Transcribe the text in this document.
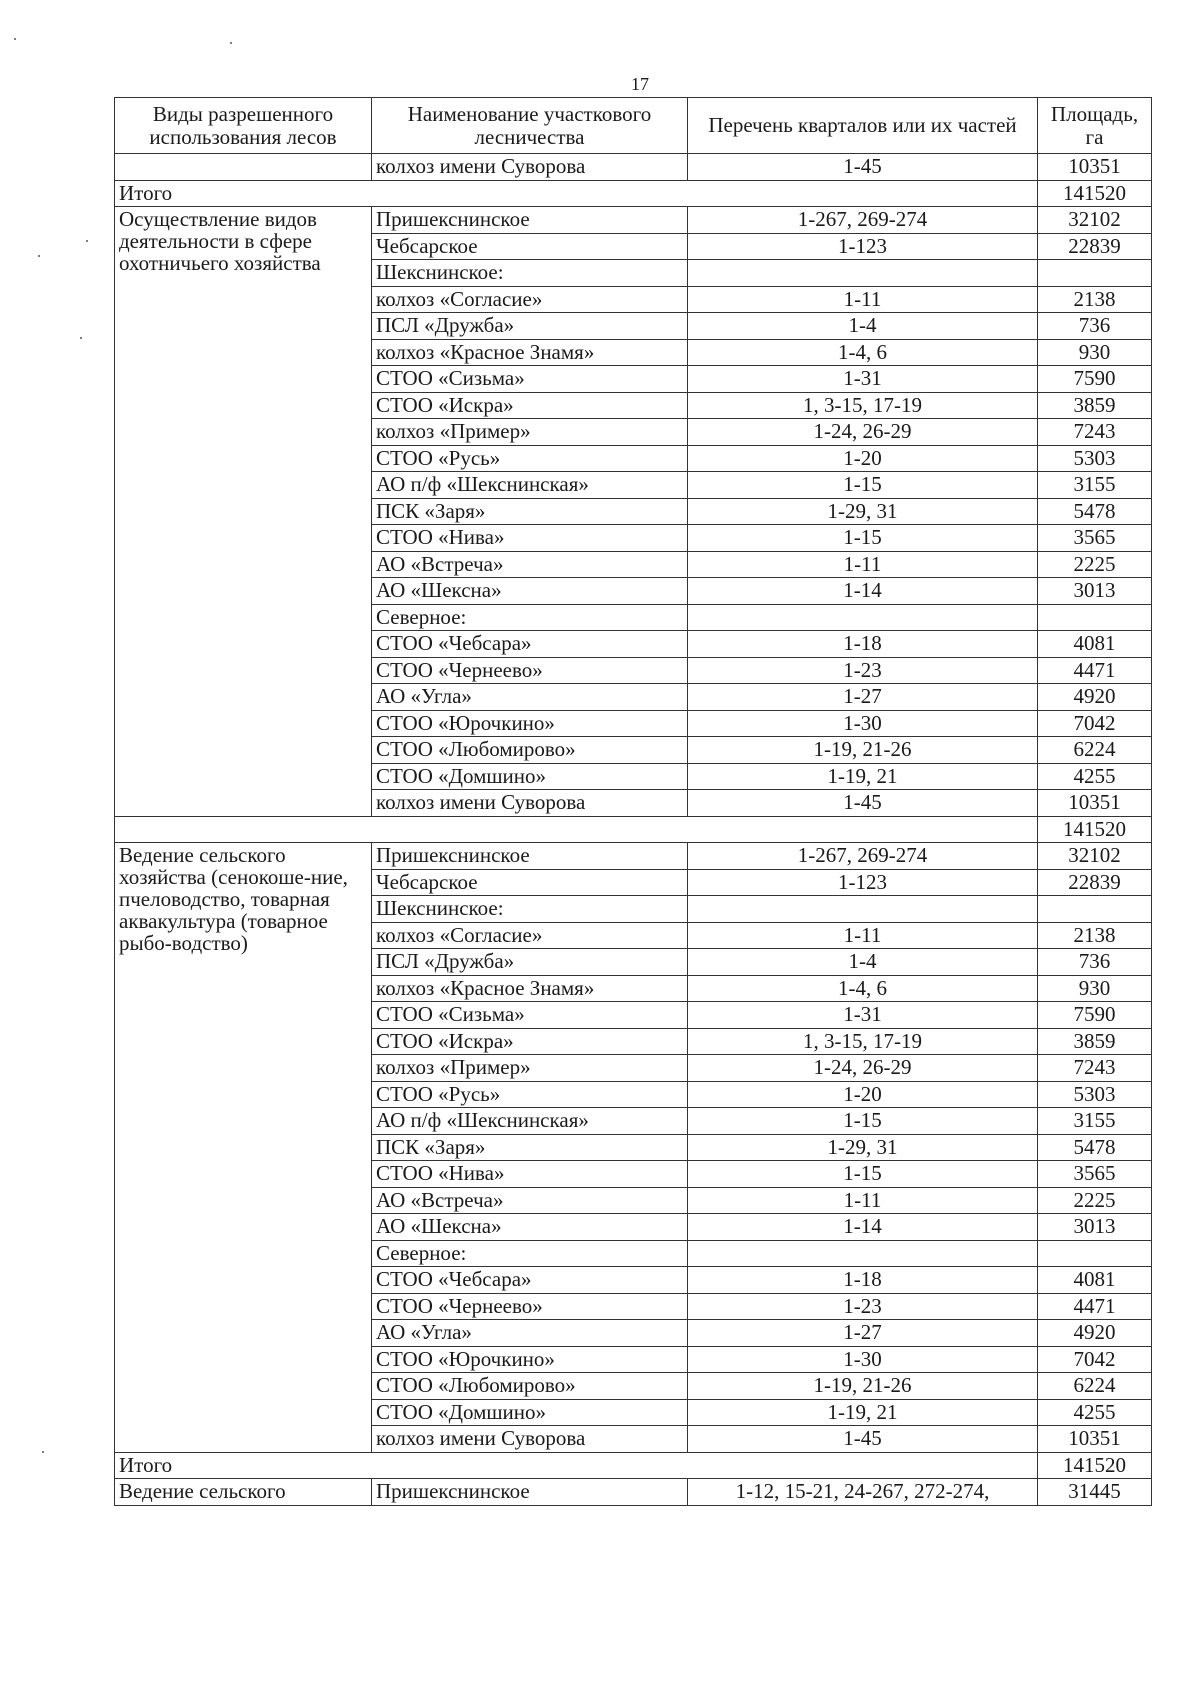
17
Виды разрешенного использования лесов	Наименование участкового лесничества	Перечень кварталов или их частей	Площадь, га
	колхоз имени Суворова	1-45	10351
Итого			141520
Осуществление видов деятельности в сфере охотничьего хозяйства	Пришекснинское	1-267, 269-274	32102
	Чебсарское	1-123	22839
	Шекснинское:		
	колхоз «Согласие»	1-11	2138
	ПСЛ «Дружба»	1-4	736
	колхоз «Красное Знамя»	1-4, 6	930
	СТОО «Сизьма»	1-31	7590
	СТОО «Искра»	1, 3-15, 17-19	3859
	колхоз «Пример»	1-24, 26-29	7243
	СТОО «Русь»	1-20	5303
	АО п/ф «Шекснинская»	1-15	3155
	ПСК «Заря»	1-29, 31	5478
	СТОО «Нива»	1-15	3565
	АО «Встреча»	1-11	2225
	АО «Шексна»	1-14	3013
	Северное:		
	СТОО «Чебсара»	1-18	4081
	СТОО «Чернеево»	1-23	4471
	АО «Угла»	1-27	4920
	СТОО «Юрочкино»	1-30	7042
	СТОО «Любомирово»	1-19, 21-26	6224
	СТОО «Домшино»	1-19, 21	4255
	колхоз имени Суворова	1-45	10351
			141520
Ведение сельского хозяйства (сенокоше-ние, пчеловодство, товарная аквакультура (товарное рыбо-водство)	Пришекснинское	1-267, 269-274	32102
	Чебсарское	1-123	22839
	Шекснинское:		
	колхоз «Согласие»	1-11	2138
	ПСЛ «Дружба»	1-4	736
	колхоз «Красное Знамя»	1-4, 6	930
	СТОО «Сизьма»	1-31	7590
	СТОО «Искра»	1, 3-15, 17-19	3859
	колхоз «Пример»	1-24, 26-29	7243
	СТОО «Русь»	1-20	5303
	АО п/ф «Шекснинская»	1-15	3155
	ПСК «Заря»	1-29, 31	5478
	СТОО «Нива»	1-15	3565
	АО «Встреча»	1-11	2225
	АО «Шексна»	1-14	3013
	Северное:		
	СТОО «Чебсара»	1-18	4081
	СТОО «Чернеево»	1-23	4471
	АО «Угла»	1-27	4920
	СТОО «Юрочкино»	1-30	7042
	СТОО «Любомирово»	1-19, 21-26	6224
	СТОО «Домшино»	1-19, 21	4255
	колхоз имени Суворова	1-45	10351
Итого			141520
Ведение сельского	Пришекснинское	1-12, 15-21, 24-267, 272-274,	31445
